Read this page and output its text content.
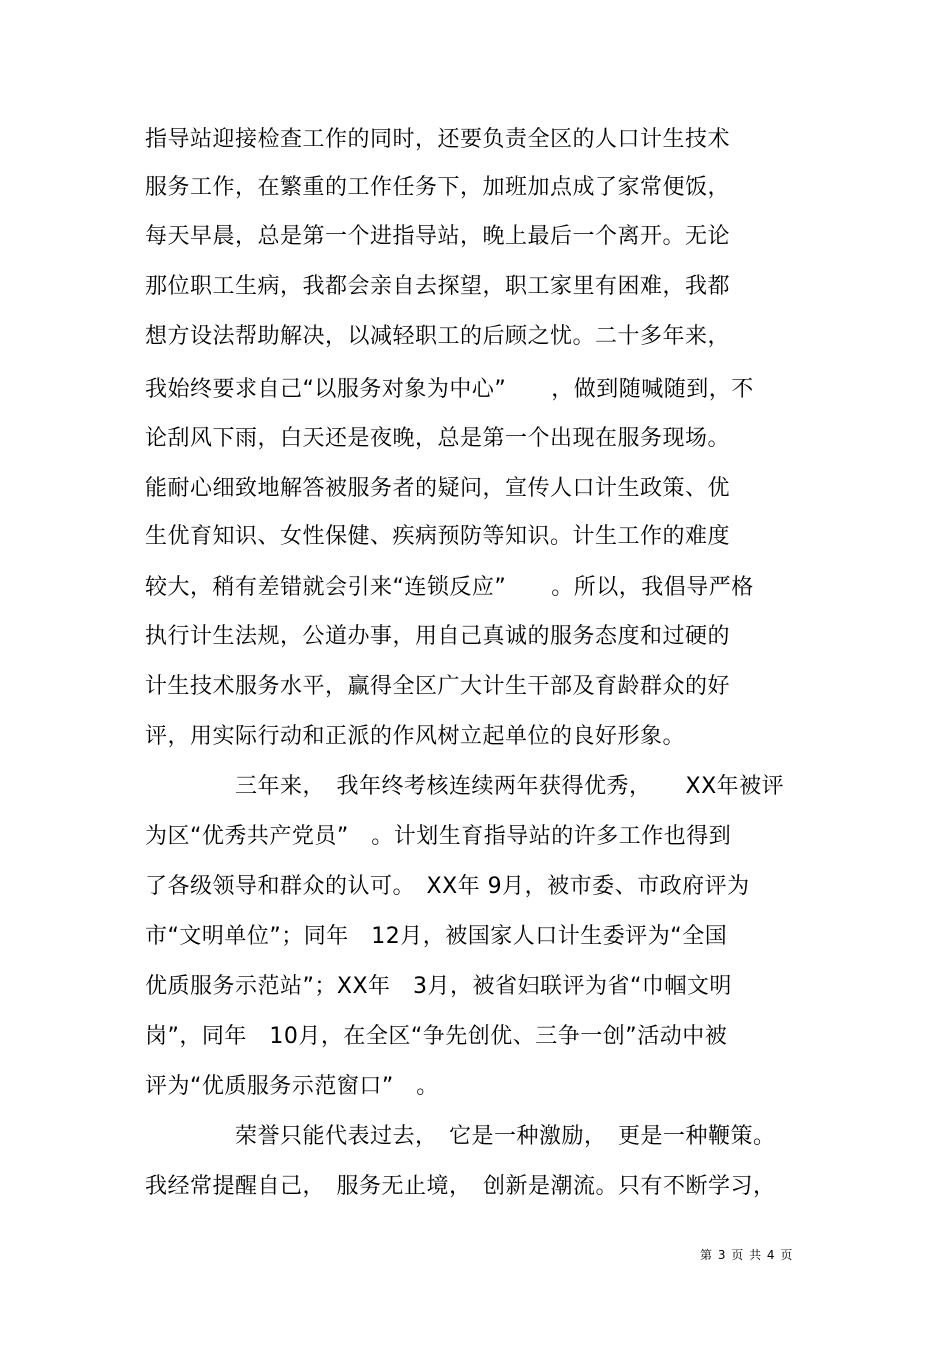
指导站迎接检查工作的同时，还要负责全区的人口计生技术
服务工作，在繁重的工作任务下，加班加点成了家常便饭，
每天早晨，总是第一个进指导站，晚上最后一个离开。无论
那位职工生病，我都会亲自去探望，职工家里有困难，我都
想方设法帮助解决，以减轻职工的后顾之忧。二十多年来，
我始终要求自己“以服务对象为中心”　　，做到随喊随到，不
论刮风下雨，白天还是夜晚，总是第一个出现在服务现场。
能耐心细致地解答被服务者的疑问，宣传人口计生政策、优
生优育知识、女性保健、疾病预防等知识。计生工作的难度
较大，稍有差错就会引来“连锁反应”　　。所以，我倡导严格
执行计生法规，公道办事，用自己真诚的服务态度和过硬的
计生技术服务水平，赢得全区广大计生干部及育龄群众的好
评，用实际行动和正派的作风树立起单位的良好形象。
　　　　三年来，　我年终考核连续两年获得优秀，　　XX年被评
为区“优秀共产党员”　。计划生育指导站的许多工作也得到
了各级领导和群众的认可。　XX年 9月，被市委、市政府评为
市“文明单位”；同年　12月，被国家人口计生委评为“全国
优质服务示范站”；XX年　3月，被省妇联评为省“巾帼文明
岗”，同年　10月，在全区“争先创优、三争一创”活动中被
评为“优质服务示范窗口”　。
　　　　荣誉只能代表过去，　它是一种激励，　更是一种鞭策。
我经常提醒自己，　服务无止境，　创新是潮流。只有不断学习，
第 3 页 共 4 页
